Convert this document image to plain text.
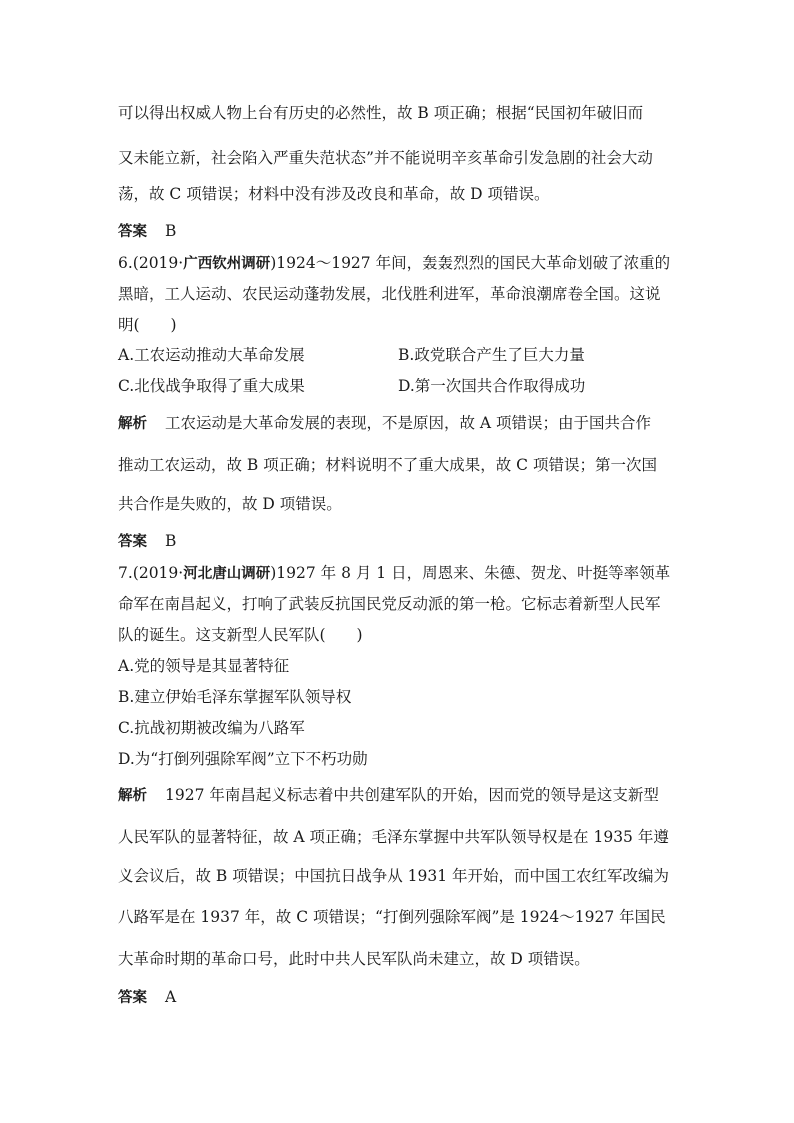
可以得出权威人物上台有历史的必然性，故 B 项正确；根据“民国初年破旧而
又未能立新，社会陷入严重失范状态”并不能说明辛亥革命引发急剧的社会大动
荡，故 C 项错误；材料中没有涉及改良和革命，故 D 项错误。
答案 B
6.(2019·广西钦州调研)1924～1927 年间，轰轰烈烈的国民大革命划破了浓重的
黑暗，工人运动、农民运动蓬勃发展，北伐胜利进军，革命浪潮席卷全国。这说
明(　　)
A.工农运动推动大革命发展	B.政党联合产生了巨大力量
C.北伐战争取得了重大成果	D.第一次国共合作取得成功
解析 工农运动是大革命发展的表现，不是原因，故 A 项错误；由于国共合作
推动工农运动，故 B 项正确；材料说明不了重大成果，故 C 项错误；第一次国
共合作是失败的，故 D 项错误。
答案 B
7.(2019·河北唐山调研)1927 年 8 月 1 日，周恩来、朱德、贺龙、叶挺等率领革
命军在南昌起义，打响了武装反抗国民党反动派的第一枪。它标志着新型人民军
队的诞生。这支新型人民军队(　　)
A.党的领导是其显著特征
B.建立伊始毛泽东掌握军队领导权
C.抗战初期被改编为八路军
D.为“打倒列强除军阀”立下不朽功勋
解析 1927 年南昌起义标志着中共创建军队的开始，因而党的领导是这支新型
人民军队的显著特征，故 A 项正确；毛泽东掌握中共军队领导权是在 1935 年遵
义会议后，故 B 项错误；中国抗日战争从 1931 年开始，而中国工农红军改编为
八路军是在 1937 年，故 C 项错误；“打倒列强除军阀”是 1924～1927 年国民
大革命时期的革命口号，此时中共人民军队尚未建立，故 D 项错误。
答案 A
